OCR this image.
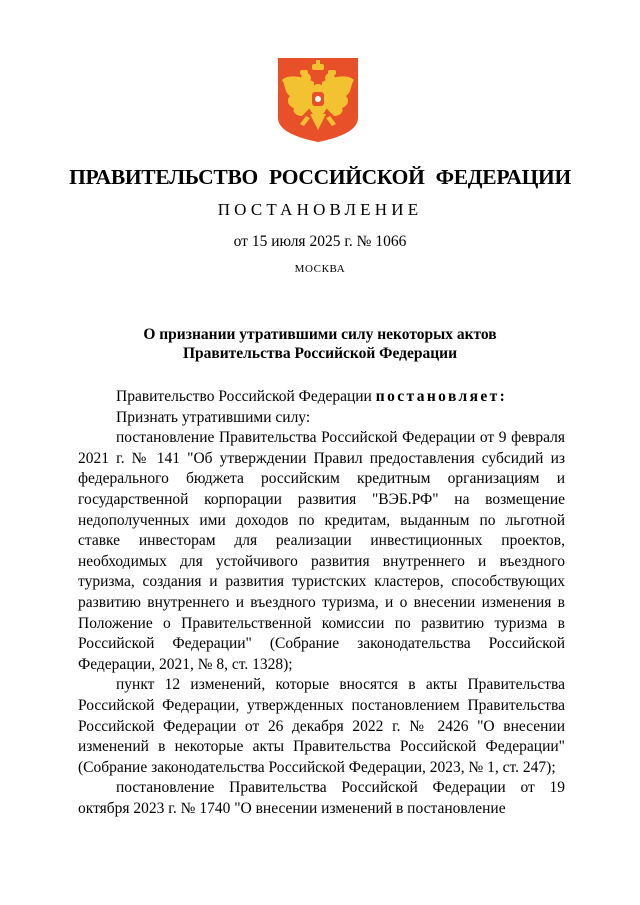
ПРАВИТЕЛЬСТВО РОССИЙСКОЙ ФЕДЕРАЦИИ
ПОСТАНОВЛЕНИЕ
от 15 июля 2025 г. № 1066
МОСКВА
О признании утратившими силу некоторых актов
Правительства Российской Федерации

Правительство Российской Федерации постановляет:

Признать утратившими силу:

постановление Правительства Российской Федерации от 9 февраля 2021 г. № 141 "Об утверждении Правил предоставления субсидий из федерального бюджета российским кредитным организациям и государственной корпорации развития "ВЭБ.РФ" на возмещение недополученных ими доходов по кредитам, выданным по льготной ставке инвесторам для реализации инвестиционных проектов, необходимых для устойчивого развития внутреннего и въездного туризма, создания и развития туристских кластеров, способствующих развитию внутреннего и въездного туризма, и о внесении изменения в Положение о Правительственной комиссии по развитию туризма в Российской Федерации" (Собрание законодательства Российской Федерации, 2021, № 8, ст. 1328);

пункт 12 изменений, которые вносятся в акты Правительства Российской Федерации, утвержденных постановлением Правительства Российской Федерации от 26 декабря 2022 г. № 2426 "О внесении изменений в некоторые акты Правительства Российской Федерации" (Собрание законодательства Российской Федерации, 2023, № 1, ст. 247);

постановление Правительства Российской Федерации от 19 октября 2023 г. № 1740 "О внесении изменений в постановление
